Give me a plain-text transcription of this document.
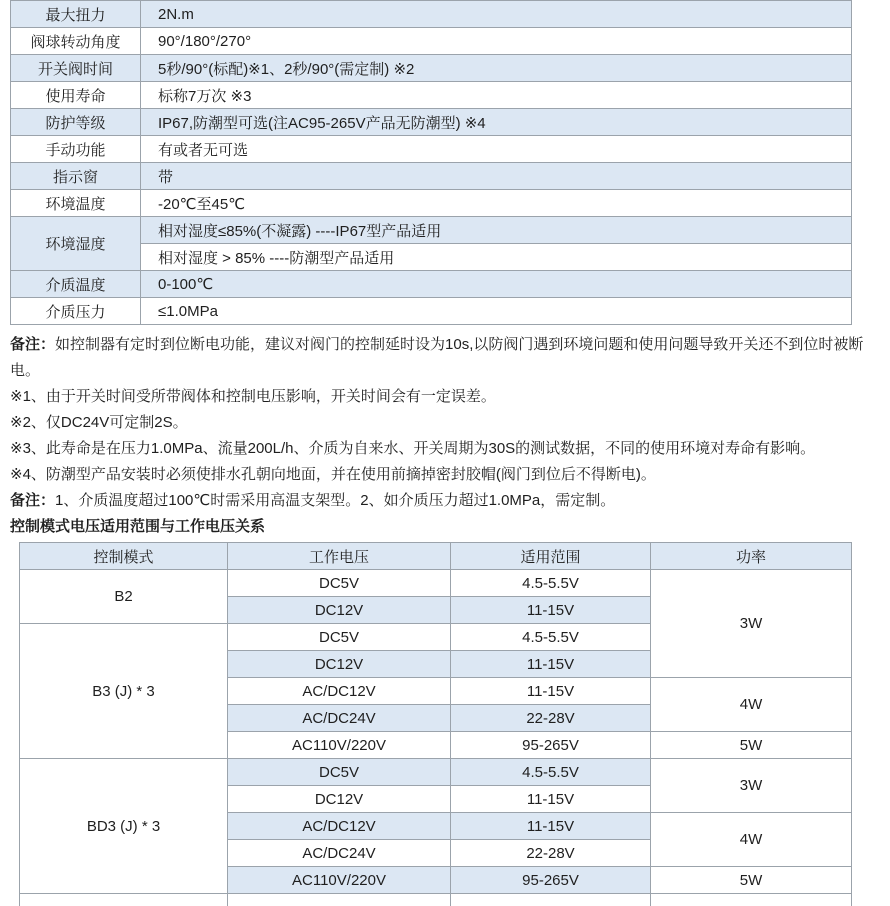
最大扭力	2N.m
阀球转动角度	90°/180°/270°
开关阀时间	5秒/90°(标配)※1、2秒/90°(需定制) ※2
使用寿命	标称7万次 ※3
防护等级	IP67,防潮型可选(注AC95-265V产品无防潮型) ※4
手动功能	有或者无可选
指示窗	带
环境温度	-20℃至45℃
环境湿度	相对湿度≤85%(不凝露) ----IP67型产品适用
	相对湿度 > 85% ----防潮型产品适用
介质温度	0-100℃
介质压力	≤1.0MPa

备注：如控制器有定时到位断电功能，建议对阀门的控制延时设为10s,以防阀门遇到环境问题和使用问题导致开关还不到位时被断电。

※1、由于开关时间受所带阀体和控制电压影响，开关时间会有一定误差。

※2、仅DC24V可定制2S。

※3、此寿命是在压力1.0MPa、流量200L/h、介质为自来水、开关周期为30S的测试数据，不同的使用环境对寿命有影响。

※4、防潮型产品安装时必须使排水孔朝向地面，并在使用前摘掉密封胶帽(阀门到位后不得断电)。

备注：1、介质温度超过100℃时需采用高温支架型。2、如介质压力超过1.0MPa，需定制。

控制模式电压适用范围与工作电压关系
控制模式	工作电压	适用范围	功率
B2	DC5V	4.5-5.5V	3W
	DC12V	11-15V	
B3 (J) * 3	DC5V	4.5-5.5V	
	DC12V	11-15V	
	AC/DC12V	11-15V	4W
	AC/DC24V	22-28V	
	AC110V/220V	95-265V	5W
BD3 (J) * 3	DC5V	4.5-5.5V	3W
	DC12V	11-15V	
	AC/DC12V	11-15V	4W
	AC/DC24V	22-28V	
	AC110V/220V	95-265V	5W
